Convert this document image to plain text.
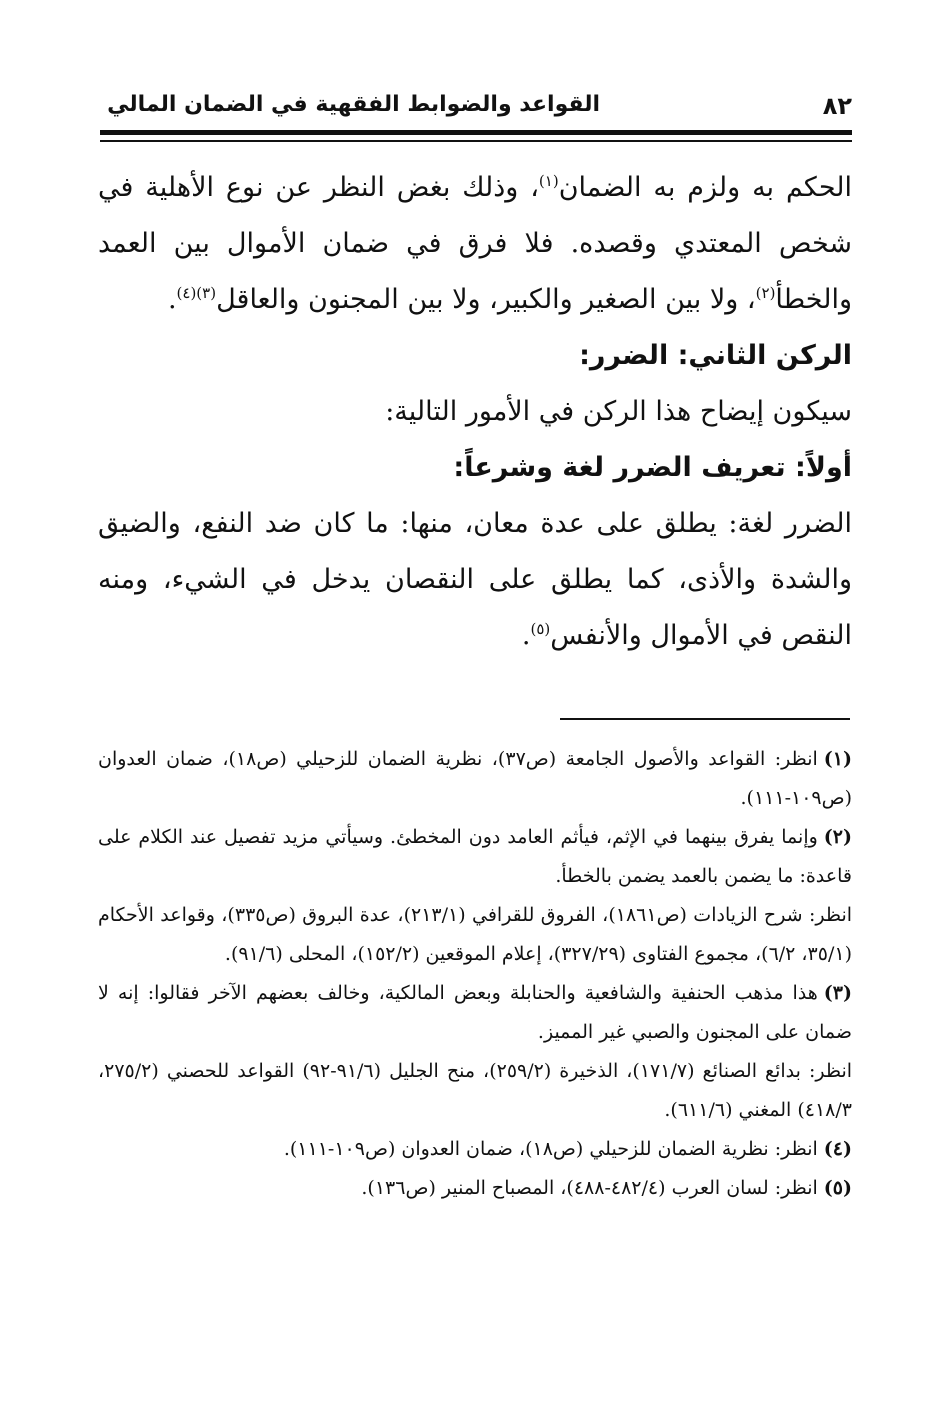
٨٢
القواعد والضوابط الفقهية في الضمان المالي

الحكم به ولزم به الضمان$^{(١)}$، وذلك بغض النظر عن نوع الأهلية في شخص المعتدي وقصده. فلا فرق في ضمان الأموال بين العمد والخطأ$^{(٢)}$، ولا بين الصغير والكبير، ولا بين المجنون والعاقل$^{(٣)(٤)}$.

الركن الثاني: الضرر:

سيكون إيضاح هذا الركن في الأمور التالية:

أولاً: تعريف الضرر لغة وشرعاً:

الضرر لغة: يطلق على عدة معان، منها: ما كان ضد النفع، والضيق والشدة والأذى، كما يطلق على النقصان يدخل في الشيء، ومنه النقص في الأموال والأنفس$^{(٥)}$.

(١)انظر: القواعد والأصول الجامعة (ص٣٧)، نظرية الضمان للزحيلي (ص١٨)، ضمان العدوان (ص١٠٩-١١١).

(٢)وإنما يفرق بينهما في الإثم، فيأثم العامد دون المخطئ. وسيأتي مزيد تفصيل عند الكلام على قاعدة: ما يضمن بالعمد يضمن بالخطأ.

انظر: شرح الزيادات (ص١٨٦١)، الفروق للقرافي (٢١٣/١)، عدة البروق (ص٣٣٥)، وقواعد الأحكام (٣٥/١، ٦/٢)، مجموع الفتاوى (٣٢٧/٢٩)، إعلام الموقعين (١٥٢/٢)، المحلى (٩١/٦).

(٣)هذا مذهب الحنفية والشافعية والحنابلة وبعض المالكية، وخالف بعضهم الآخر فقالوا: إنه لا ضمان على المجنون والصبي غير المميز.

انظر: بدائع الصنائع (١٧١/٧)، الذخيرة (٢٥٩/٢)، منح الجليل (٩١/٦-٩٢) القواعد للحصني (٢٧٥/٢، ٤١٨/٣) المغني (٦١١/٦).

(٤)انظر: نظرية الضمان للزحيلي (ص١٨)، ضمان العدوان (ص١٠٩-١١١).

(٥)انظر: لسان العرب (٤٨٢/٤-٤٨٨)، المصباح المنير (ص١٣٦).
